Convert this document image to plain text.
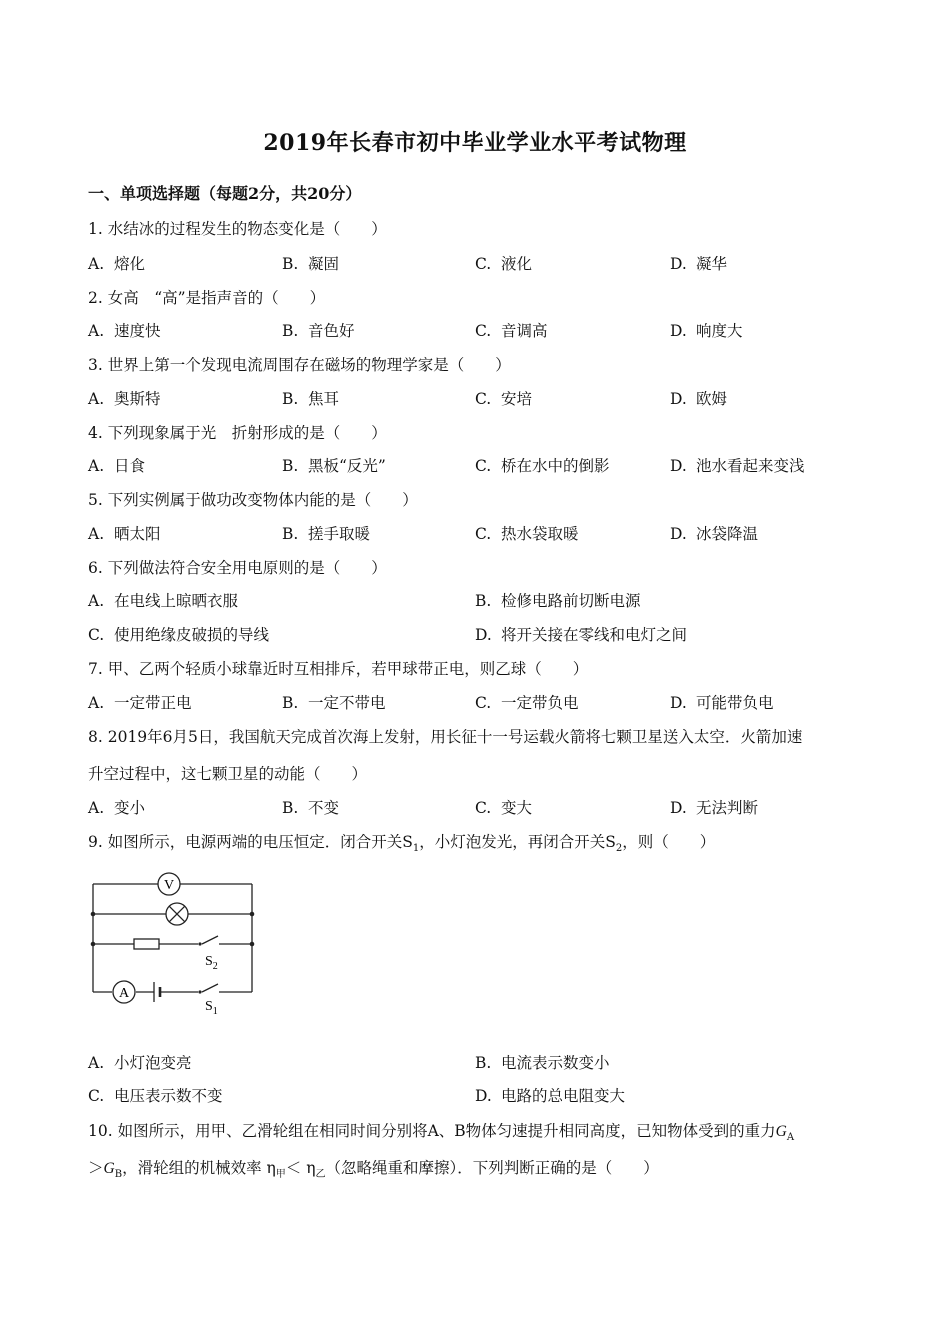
2019年长春市初中毕业学业水平考试物理
一、单项选择题（每题2分，共20分）
1. 水结冰的过程发生的物态变化是（　　）
A. 熔化	B. 凝固	C. 液化	D. 凝华
2. 女高　“高”是指声音的（　　）
A. 速度快	B. 音色好	C. 音调高	D. 响度大
3. 世界上第一个发现电流周围存在磁场的物理学家是（　　）
A. 奥斯特	B. 焦耳	C. 安培	D. 欧姆
4. 下列现象属于光　折射形成的是（　　）
A. 日食	B. 黑板“反光”	C. 桥在水中的倒影	D. 池水看起来变浅
5. 下列实例属于做功改变物体内能的是（　　）
A. 晒太阳	B. 搓手取暖	C. 热水袋取暖	D. 冰袋降温
6. 下列做法符合安全用电原则的是（　　）
A. 在电线上晾晒衣服	B. 检修电路前切断电源
C. 使用绝缘皮破损的导线	D. 将开关接在零线和电灯之间
7. 甲、乙两个轻质小球靠近时互相排斥，若甲球带正电，则乙球（　　）
A. 一定带正电	B. 一定不带电	C. 一定带负电	D. 可能带负电
8. 2019年6月5日，我国航天完成首次海上发射，用长征十一号运载火箭将七颗卫星送入太空．火箭加速
升空过程中，这七颗卫星的动能（　　）
A. 变小	B. 不变	C. 变大	D. 无法判断
9. 如图所示，电源两端的电压恒定．闭合开关$S_1$，小灯泡发光，再闭合开关$S_2$，则（　　）
V
$S_2$
A
$S_1$
A. 小灯泡变亮	B. 电流表示数变小
C. 电压表示数不变	D. 电路的总电阻变大
10. 如图所示，用甲、乙滑轮组在相同时间分别将A、B物体匀速提升相同高度，已知物体受到的重力$G_A$
$>G_B$，滑轮组的机械效率 $\eta_甲< \eta_乙$（忽略绳重和摩擦）．下列判断正确的是（　　）
